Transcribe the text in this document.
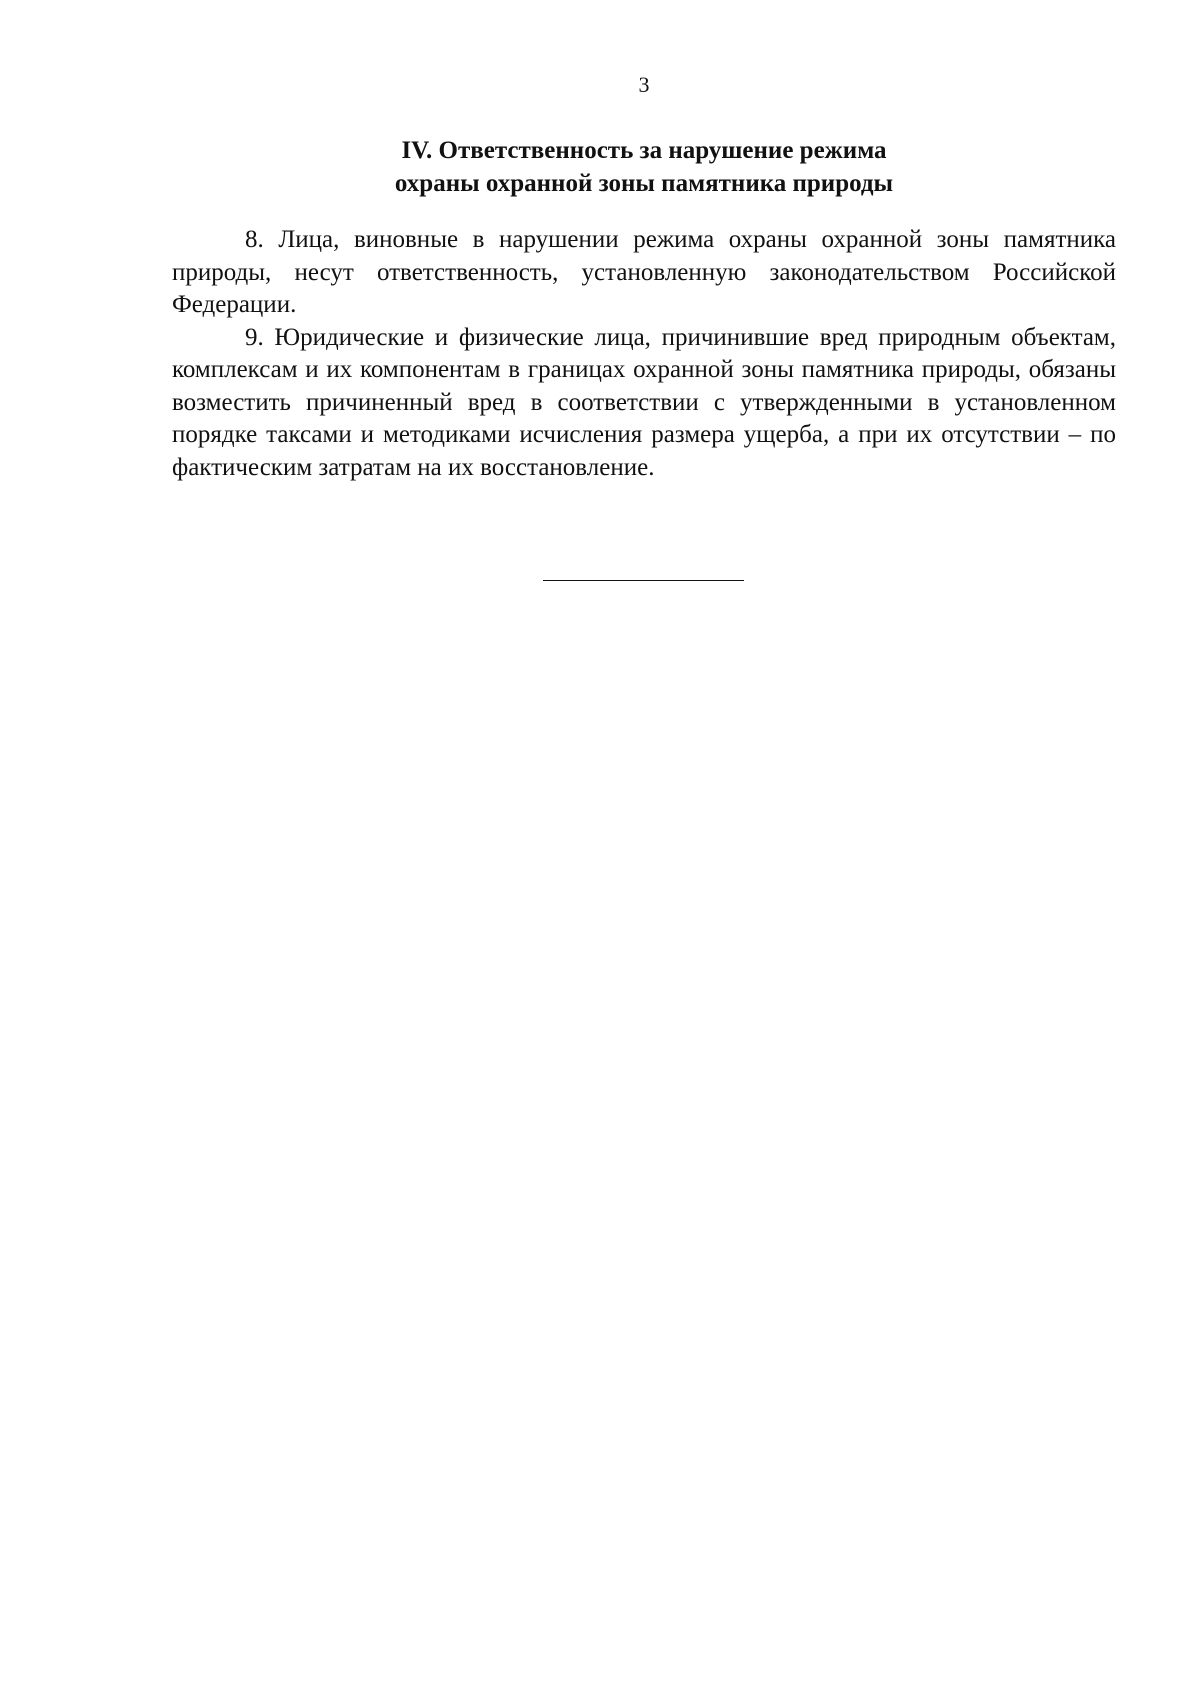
3
IV. Ответственность за нарушение режима
охраны охранной зоны памятника природы

8. Лица, виновные в нарушении режима охраны охранной зоны памятника природы, несут ответственность, установленную законодательством Российской Федерации.

9. Юридические и физические лица, причинившие вред природным объектам, комплексам и их компонентам в границах охранной зоны памятника природы, обязаны возместить причиненный вред в соответствии с утвержденными в установленном порядке таксами и методиками исчисления размера ущерба, а при их отсутствии – по фактическим затратам на их восстановление.
